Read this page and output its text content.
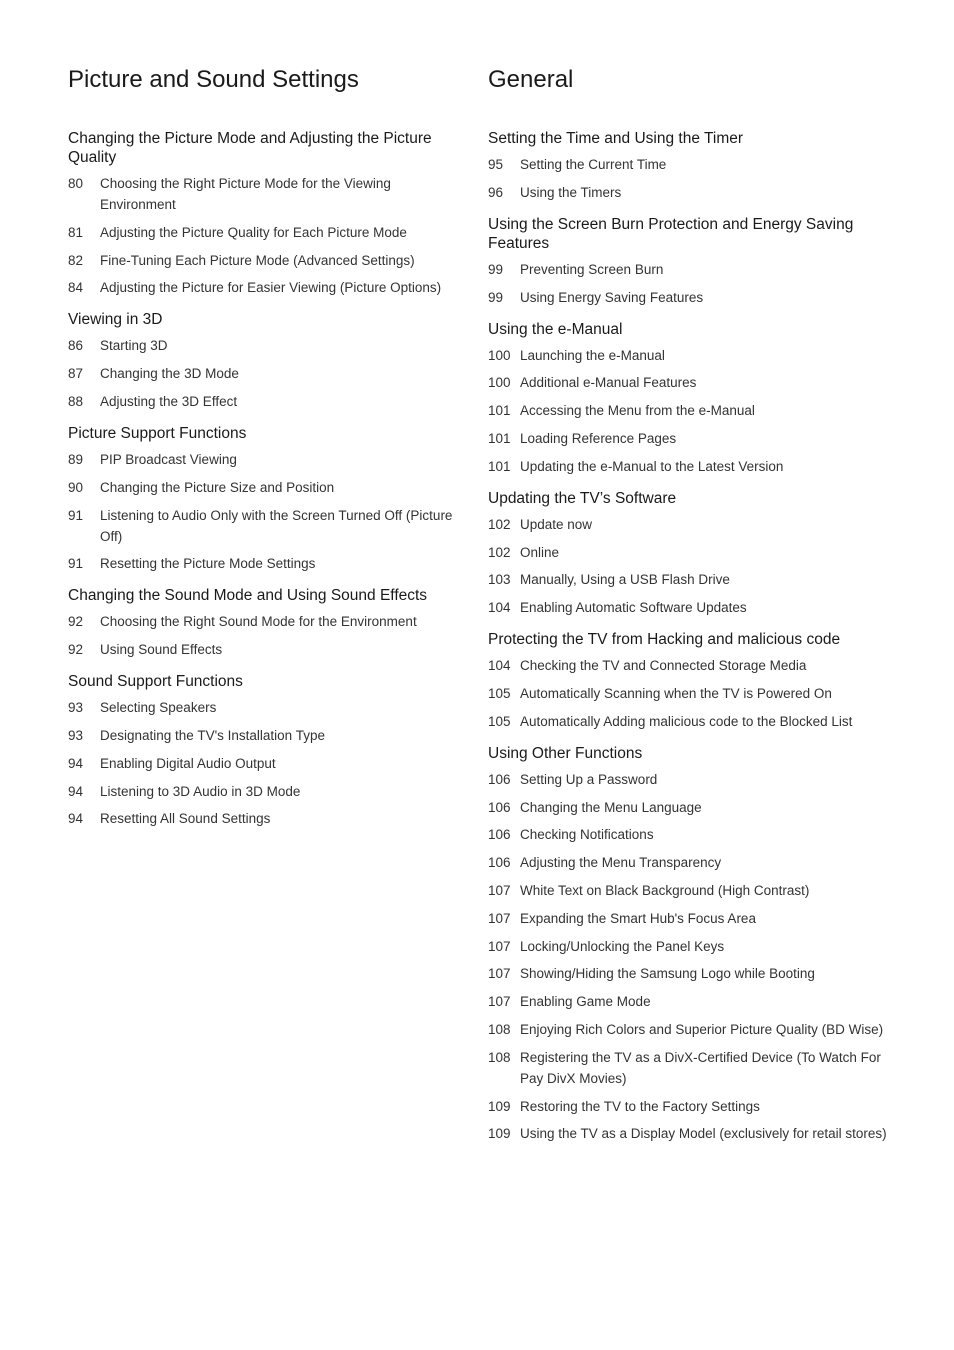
Picture and Sound Settings
Changing the Picture Mode and Adjusting the Picture Quality
80	Choosing the Right Picture Mode for the Viewing Environment
81	Adjusting the Picture Quality for Each Picture Mode
82	Fine-Tuning Each Picture Mode (Advanced Settings)
84	Adjusting the Picture for Easier Viewing (Picture Options)
Viewing in 3D
86	Starting 3D
87	Changing the 3D Mode
88	Adjusting the 3D Effect
Picture Support Functions
89	PIP Broadcast Viewing
90	Changing the Picture Size and Position
91	Listening to Audio Only with the Screen Turned Off (Picture Off)
91	Resetting the Picture Mode Settings
Changing the Sound Mode and Using Sound Effects
92	Choosing the Right Sound Mode for the Environment
92	Using Sound Effects
Sound Support Functions
93	Selecting Speakers
93	Designating the TV's Installation Type
94	Enabling Digital Audio Output
94	Listening to 3D Audio in 3D Mode
94	Resetting All Sound Settings
General
Setting the Time and Using the Timer
95	Setting the Current Time
96	Using the Timers
Using the Screen Burn Protection and Energy Saving Features
99	Preventing Screen Burn
99	Using Energy Saving Features
Using the e-Manual
100 Launching the e-Manual
100 Additional e-Manual Features
101 Accessing the Menu from the e-Manual
101 Loading Reference Pages
101 Updating the e-Manual to the Latest Version
Updating the TV’s Software
102 Update now
102 Online
103 Manually, Using a USB Flash Drive
104 Enabling Automatic Software Updates
Protecting the TV from Hacking and malicious code
104 Checking the TV and Connected Storage Media
105 Automatically Scanning when the TV is Powered On
105 Automatically Adding malicious code to the Blocked List
Using Other Functions
106 Setting Up a Password
106 Changing the Menu Language
106 Checking Notifications
106 Adjusting the Menu Transparency
107 White Text on Black Background (High Contrast)
107 Expanding the Smart Hub's Focus Area
107 Locking/Unlocking the Panel Keys
107 Showing/Hiding the Samsung Logo while Booting
107 Enabling Game Mode
108 Enjoying Rich Colors and Superior Picture Quality (BD Wise)
108 Registering the TV as a DivX-Certified Device (To Watch For Pay DivX Movies)
109 Restoring the TV to the Factory Settings
109 Using the TV as a Display Model (exclusively for retail stores)
